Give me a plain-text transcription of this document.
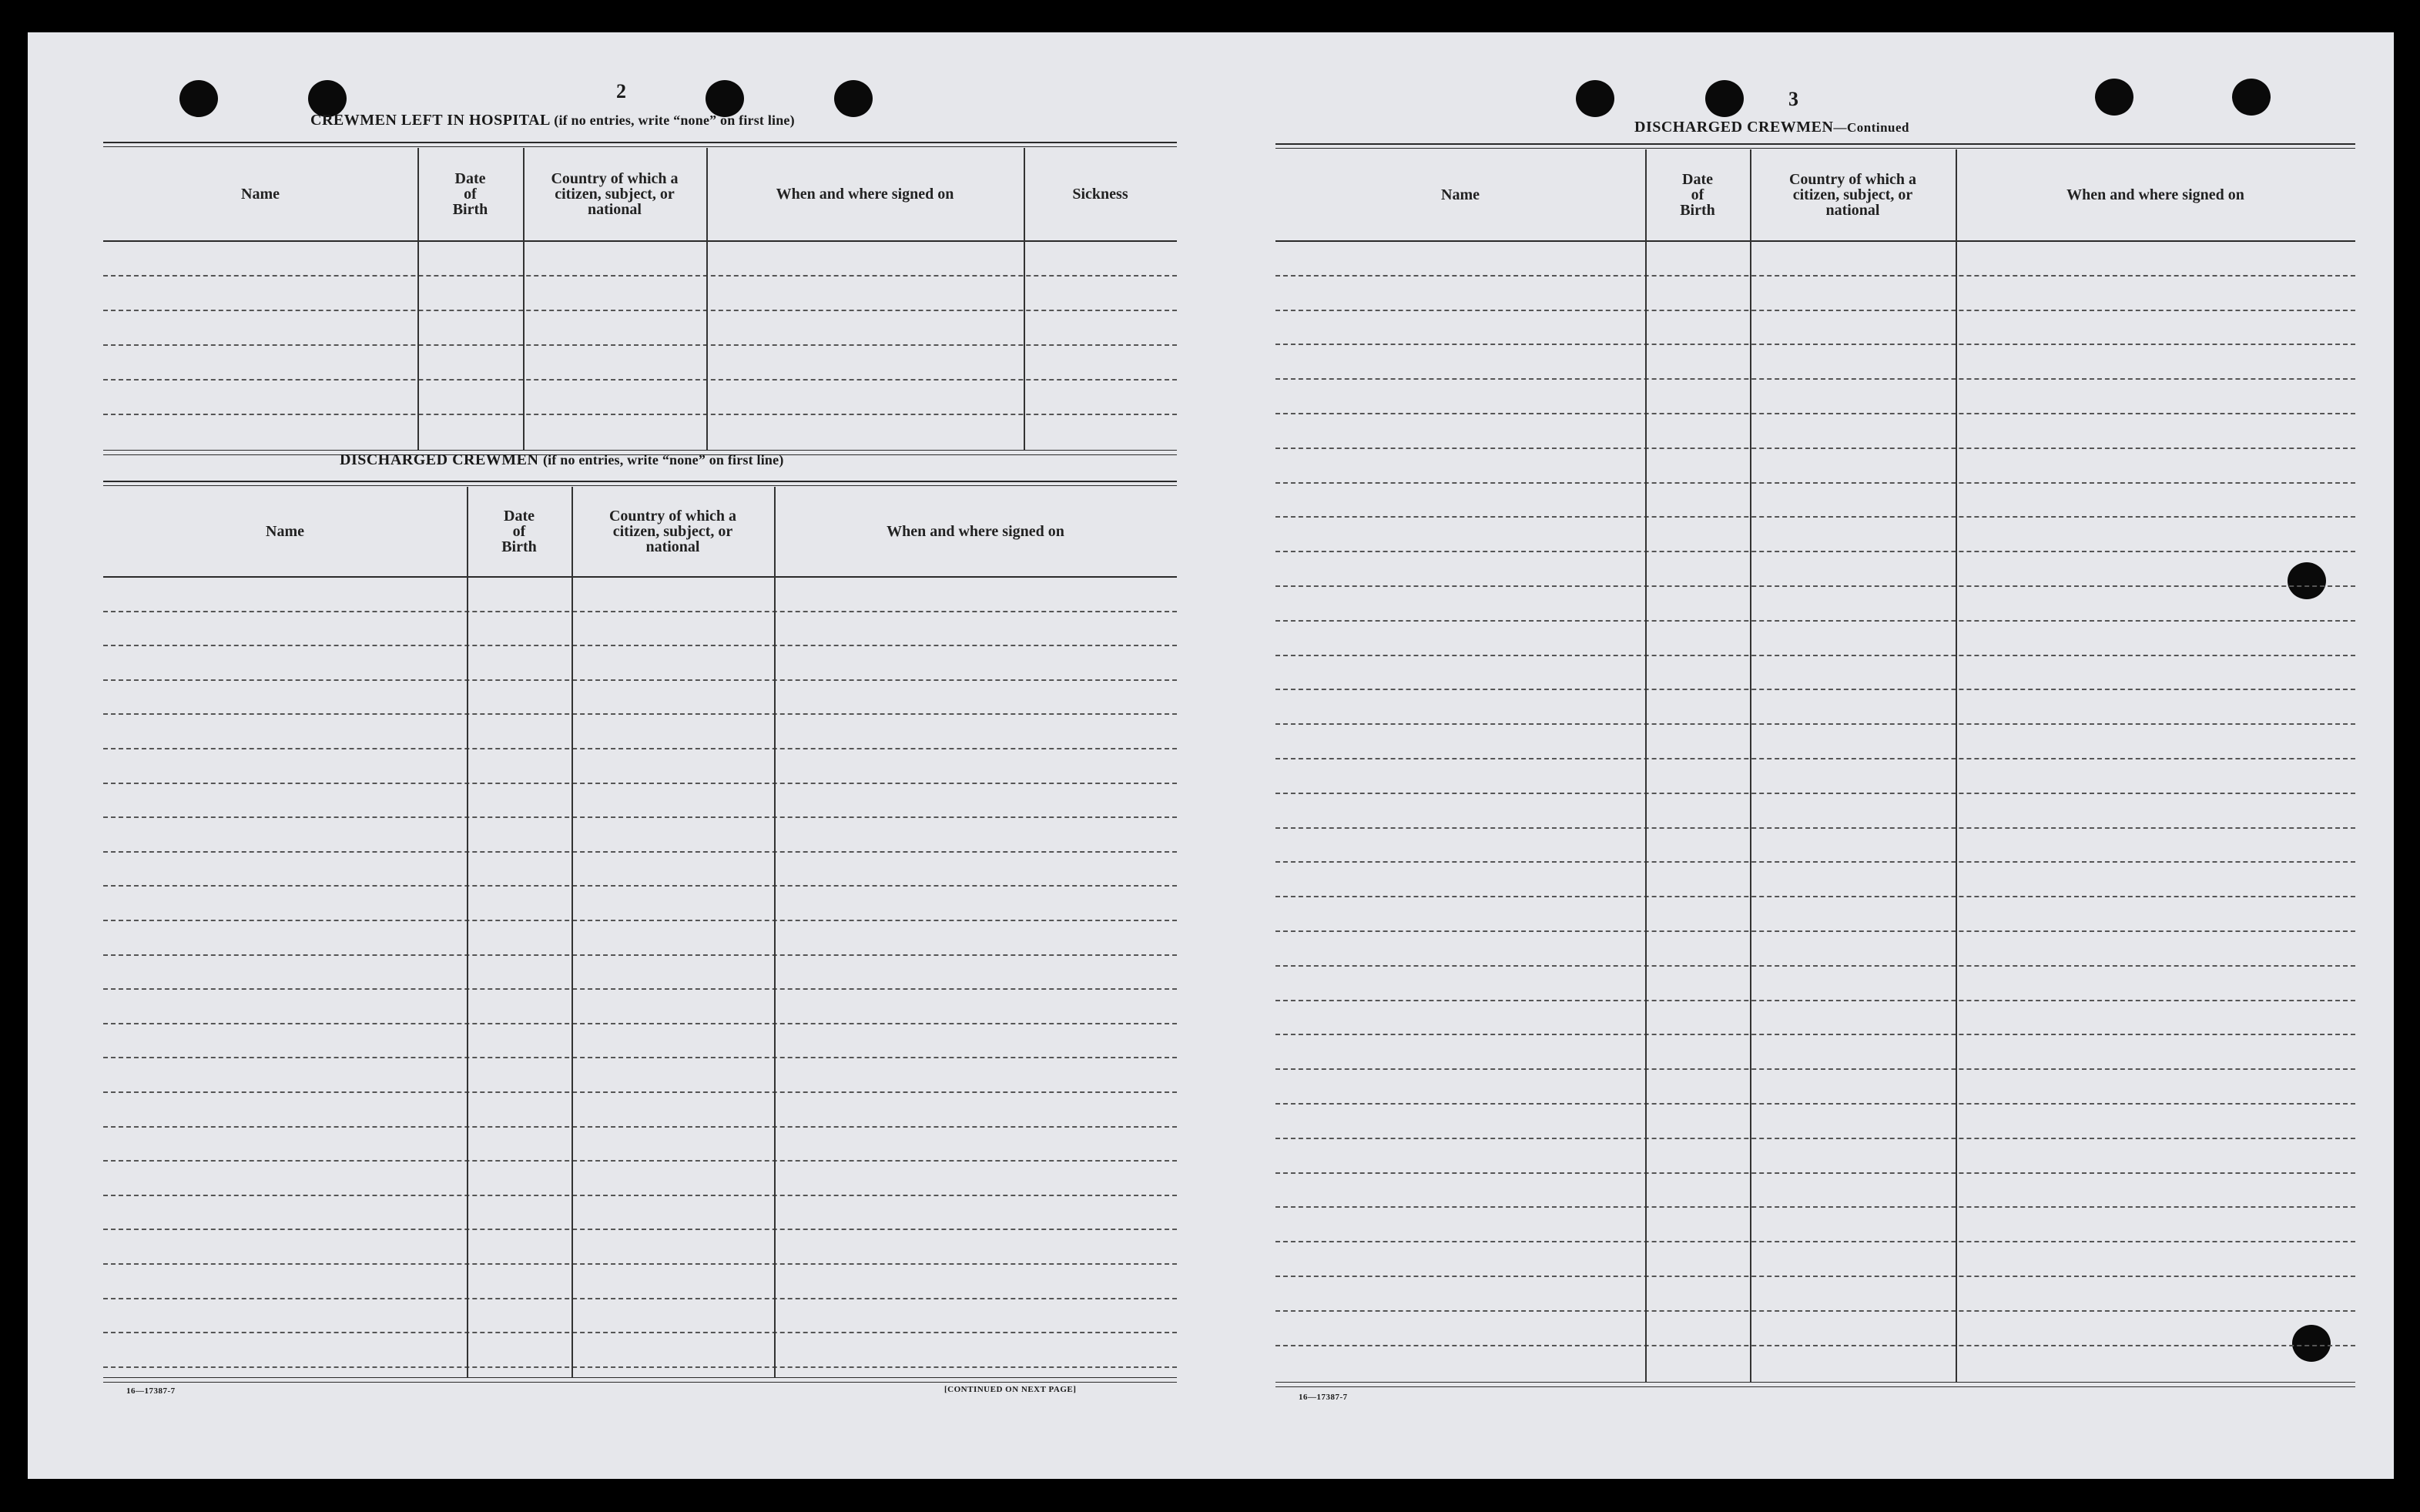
2
CREWMEN LEFT IN HOSPITAL (if no entries, write “none” on first line)
Name
Date
of
Birth
Country of which a
citizen, subject, or
national
When and where signed on	Sickness
DISCHARGED CREWMEN (if no entries, write “none” on first line)
Name
Date
of
Birth
Country of which a
citizen, subject, or
national
When and where signed on
16—17387-7	[CONTINUED ON NEXT PAGE]
3
DISCHARGED CREWMEN—Continued
Name
Date
of
Birth
Country of which a
citizen, subject, or
national
When and where signed on
16—17387-7
